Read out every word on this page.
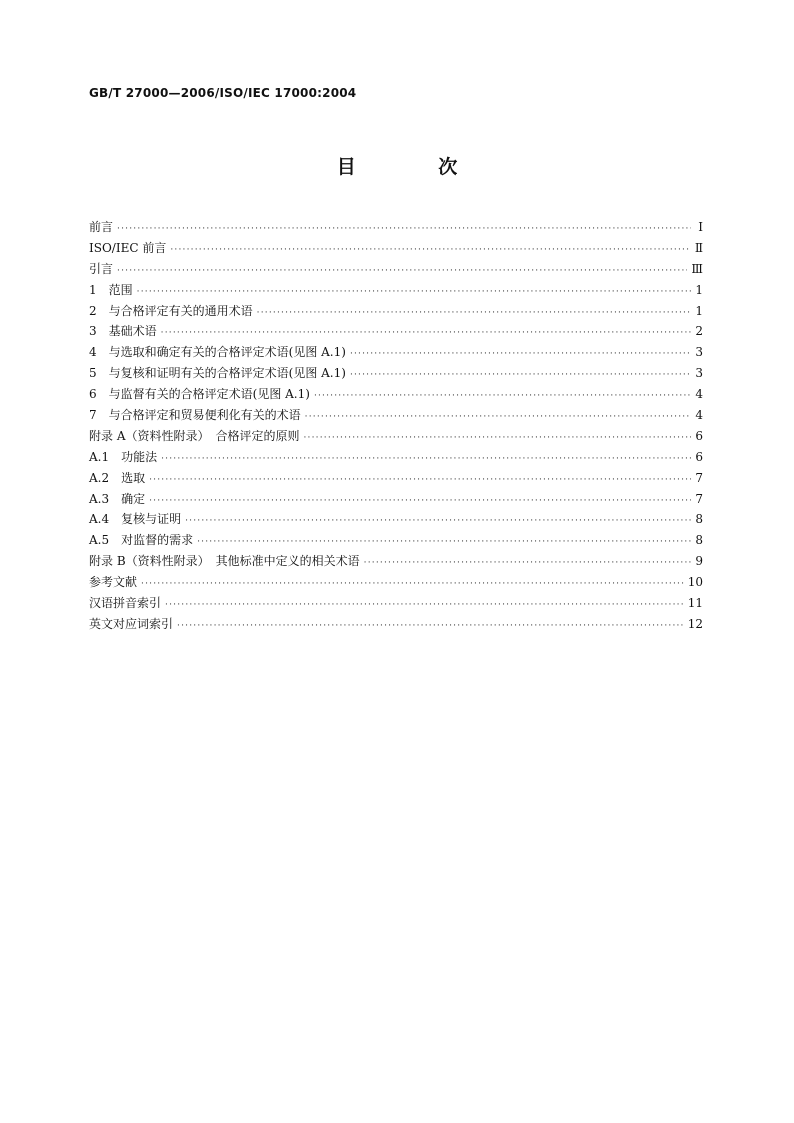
GB/T 27000—2006/ISO/IEC 17000:2004
目 次
前言 ·····	Ⅰ
ISO/IEC 前言 ·····	Ⅱ
引言 ·····	Ⅲ
1　范围 ·····	1
2　与合格评定有关的通用术语 ·····	1
3　基础术语 ·····	2
4　与选取和确定有关的合格评定术语(见图 A.1) ·····	3
5　与复核和证明有关的合格评定术语(见图 A.1) ·····	3
6　与监督有关的合格评定术语(见图 A.1) ·····	4
7　与合格评定和贸易便利化有关的术语 ·····	4
附录 A（资料性附录）　合格评定的原则 ·····	6
A.1　功能法 ·····	6
A.2　选取 ·····	7
A.3　确定 ·····	7
A.4　复核与证明 ·····	8
A.5　对监督的需求 ·····	8
附录 B（资料性附录）　其他标准中定义的相关术语 ·····	9
参考文献 ·····	10
汉语拼音索引 ·····	11
英文对应词索引 ·····	12
